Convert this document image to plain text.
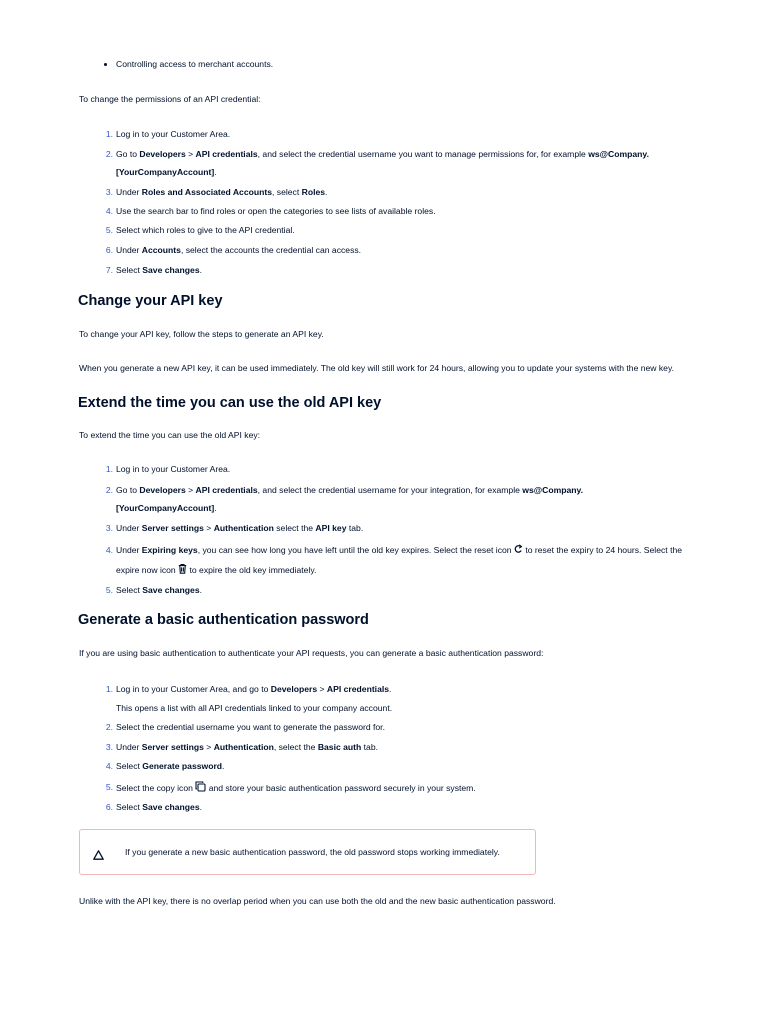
Controlling access to merchant accounts.
To change the permissions of an API credential:
1. Log in to your Customer Area.
2. Go to Developers > API credentials, and select the credential username you want to manage permissions for, for example ws@Company.
[YourCompanyAccount].
3. Under Roles and Associated Accounts, select Roles.
4. Use the search bar to find roles or open the categories to see lists of available roles.
5. Select which roles to give to the API credential.
6. Under Accounts, select the accounts the credential can access.
7. Select Save changes.
Change your API key
To change your API key, follow the steps to generate an API key.
When you generate a new API key, it can be used immediately. The old key will still work for 24 hours, allowing you to update your systems with the new key.
Extend the time you can use the old API key
To extend the time you can use the old API key:
1. Log in to your Customer Area.
2. Go to Developers > API credentials, and select the credential username for your integration, for example ws@Company.
[YourCompanyAccount].
3. Under Server settings > Authentication select the API key tab.
4. Under Expiring keys, you can see how long you have left until the old key expires. Select the reset icon  to reset the expiry to 24 hours. Select the
expire now icon  to expire the old key immediately.
5. Select Save changes.
Generate a basic authentication password
If you are using basic authentication to authenticate your API requests, you can generate a basic authentication password:
1. Log in to your Customer Area, and go to Developers > API credentials.
This opens a list with all API credentials linked to your company account.
2. Select the credential username you want to generate the password for.
3. Under Server settings > Authentication, select the Basic auth tab.
4. Select Generate password.
5. Select the copy icon  and store your basic authentication password securely in your system.
6. Select Save changes.
If you generate a new basic authentication password, the old password stops working immediately.
Unlike with the API key, there is no overlap period when you can use both the old and the new basic authentication password.
